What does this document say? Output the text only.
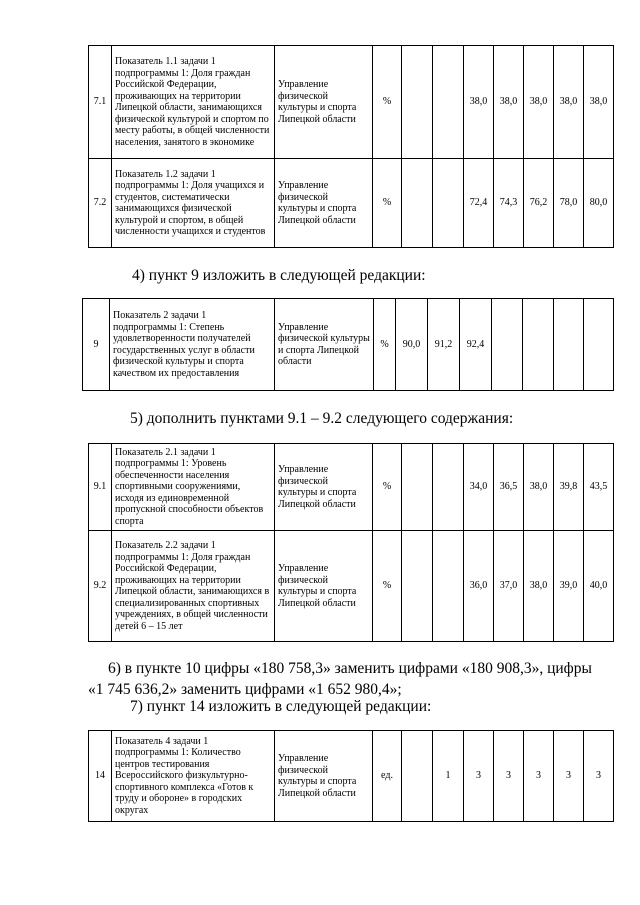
7.1	Показатель 1.1 задачи 1 подпрограммы 1: Доля граждан Российской Федерации, проживающих на территории Липецкой области, занимающихся физической культурой и спортом по месту работы, в общей численности населения, занятого в экономике	Управление физической культуры и спорта Липецкой области	%			38,0	38,0	38,0	38,0	38,0
7.2	Показатель 1.2 задачи 1 подпрограммы 1: Доля учащихся и студентов, систематически занимающихся физической культурой и спортом, в общей численности учащихся и студентов	Управление физической культуры и спорта Липецкой области	%			72,4	74,3	76,2	78,0	80,0

4) пункт 9 изложить в следующей редакции:

9	Показатель 2 задачи 1 подпрограммы 1: Степень удовлетворенности получателей государственных услуг в области физической культуры и спорта качеством их предоставления	Управление физической культуры и спорта Липецкой области	%	90,0	91,2	92,4				

5) дополнить пунктами 9.1 – 9.2 следующего содержания:

9.1	Показатель 2.1 задачи 1 подпрограммы 1: Уровень обеспеченности населения спортивными сооружениями, исходя из единовременной пропускной способности объектов спорта	Управление физической культуры и спорта Липецкой области	%			34,0	36,5	38,0	39,8	43,5
9.2	Показатель 2.2 задачи 1 подпрограммы 1: Доля граждан Российской Федерации, проживающих на территории Липецкой области, занимающихся в специализированных спортивных учреждениях, в общей численности детей 6 – 15 лет	Управление физической культуры и спорта Липецкой области	%			36,0	37,0	38,0	39,0	40,0

6) в пункте 10 цифры «180 758,3» заменить цифрами «180 908,3», цифры

«1 745 636,2» заменить цифрами «1 652 980,4»;

7) пункт 14 изложить в следующей редакции:

14	Показатель 4 задачи 1 подпрограммы 1: Количество центров тестирования Всероссийского физкультурно-спортивного комплекса «Готов к труду и обороне» в городских округах	Управление физической культуры и спорта Липецкой области	ед.		1	3	3	3	3	3
